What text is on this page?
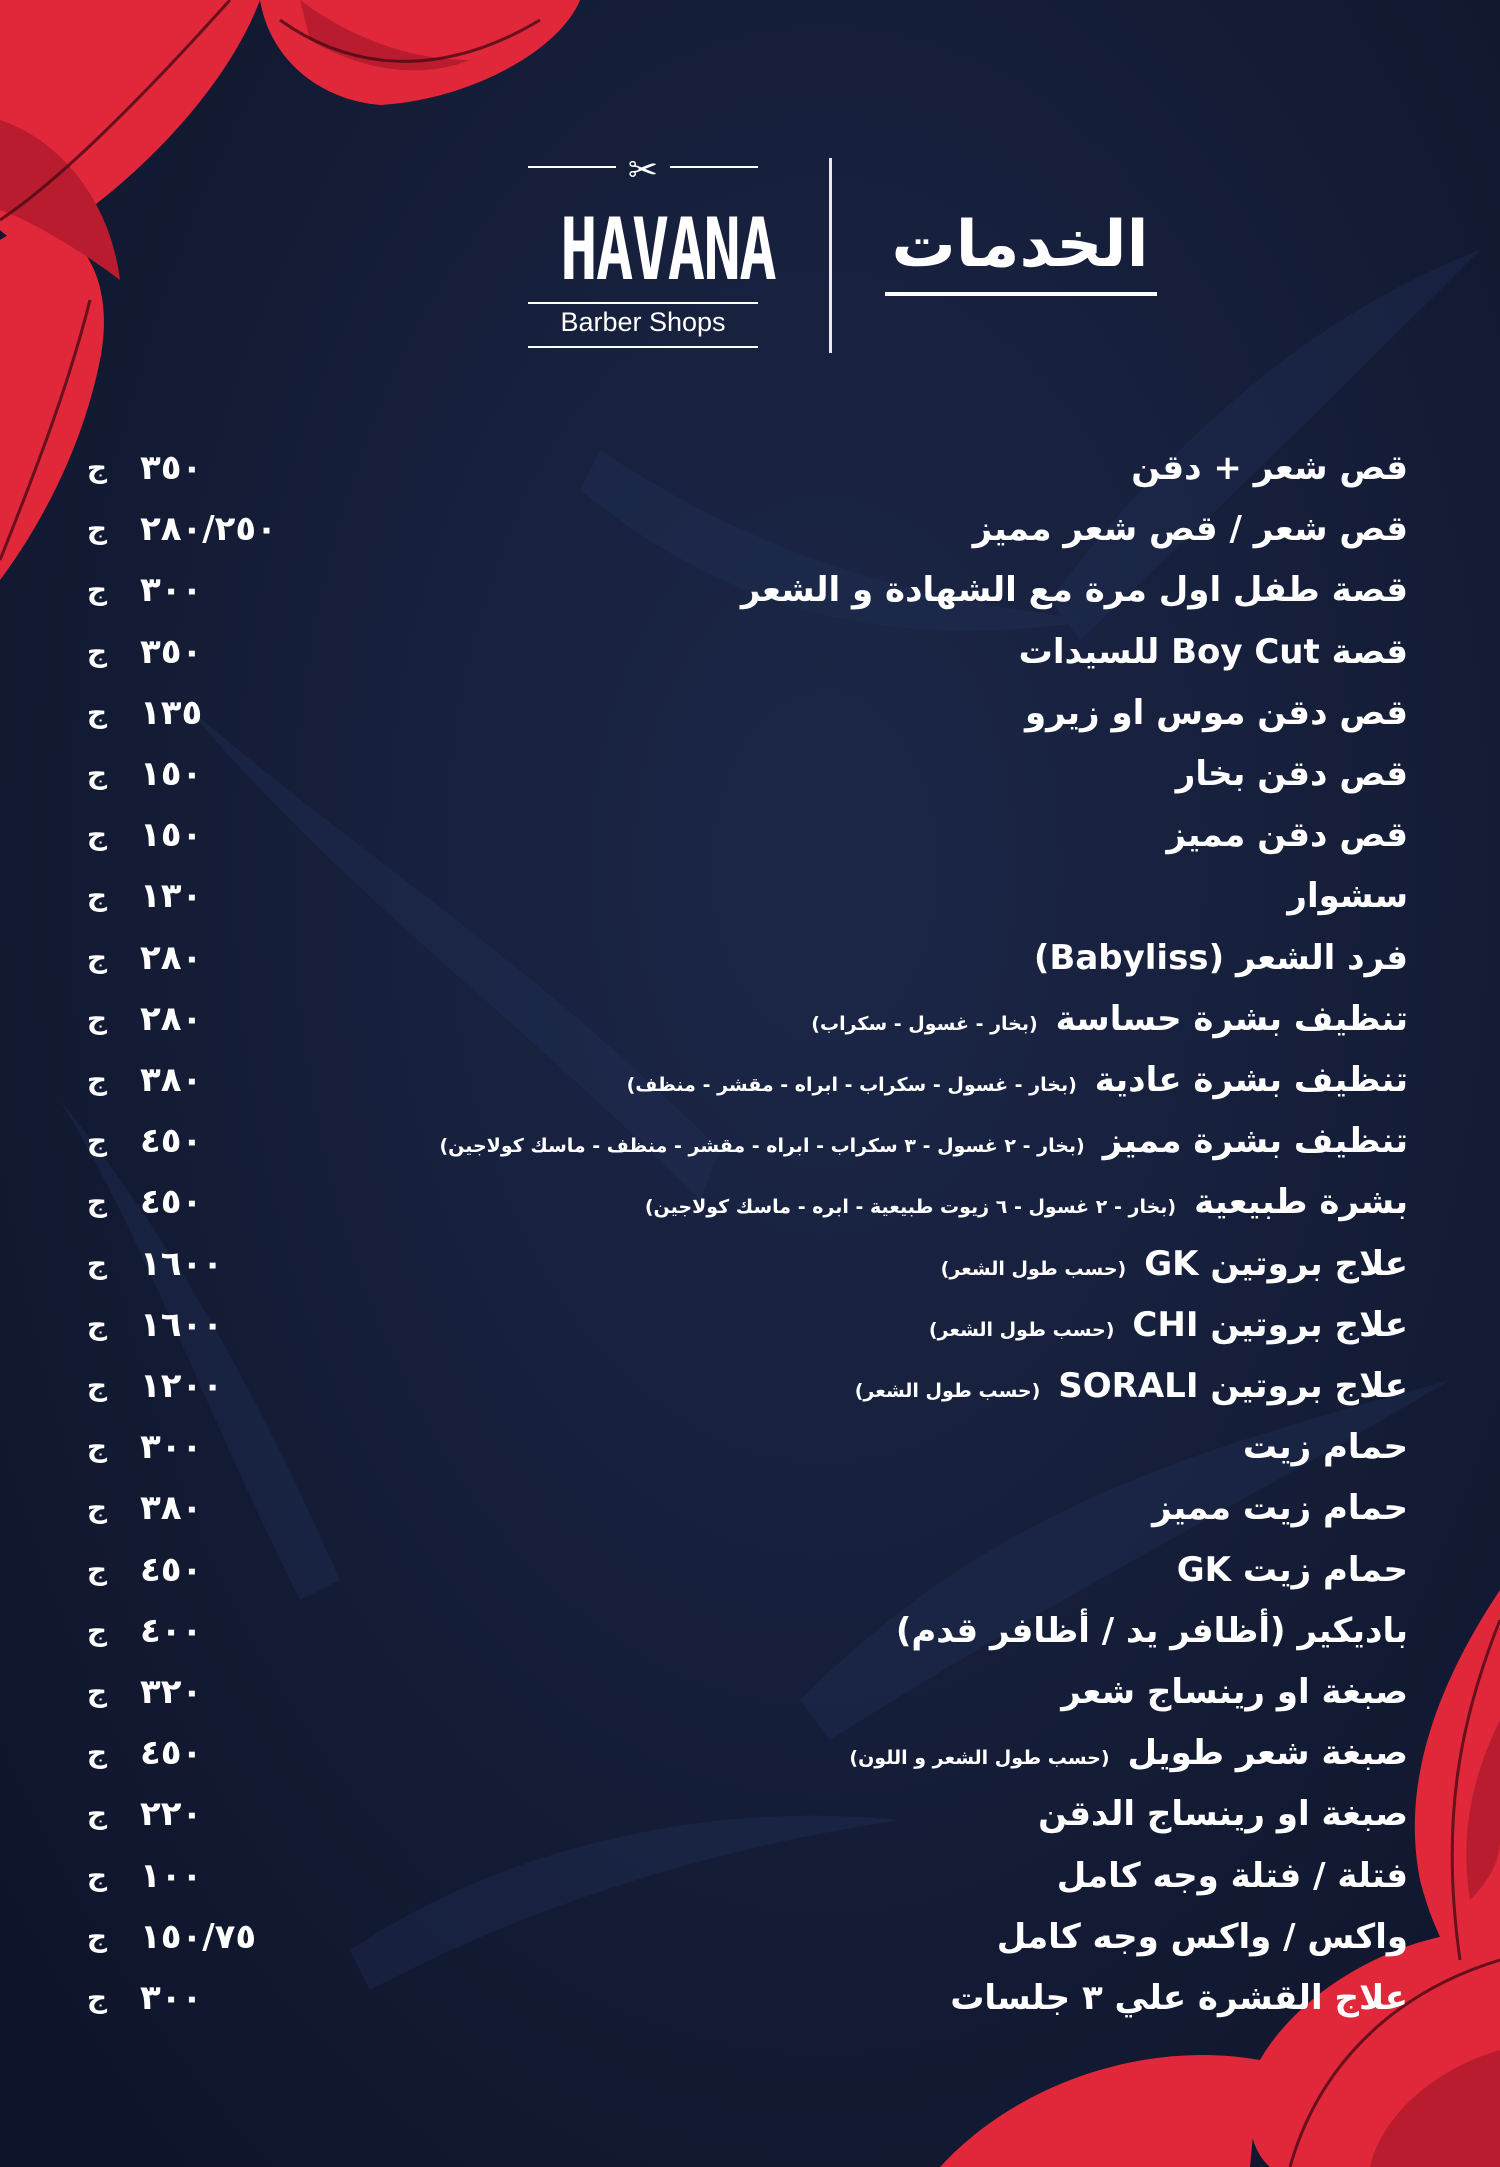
✂
HAVANA
Barber Shops
الخدمات
قص شعر + دقن
٣٥٠
ج
قص شعر / قص شعر مميز
٢٨٠/٢٥٠
ج
قصة طفل اول مرة مع الشهادة و الشعر
٣٠٠
ج
قصة Boy Cut للسيدات
٣٥٠
ج
قص دقن موس او زيرو
١٣٥
ج
قص دقن بخار
١٥٠
ج
قص دقن مميز
١٥٠
ج
سشوار
١٣٠
ج
فرد الشعر (Babyliss)
٢٨٠
ج
تنظيف بشرة حساسة(بخار - غسول - سكراب)
٢٨٠
ج
تنظيف بشرة عادية(بخار - غسول - سكراب - ابراه - مقشر - منظف)
٣٨٠
ج
تنظيف بشرة مميز(بخار - ٢ غسول - ٣ سكراب - ابراه - مقشر - منظف - ماسك كولاجين)
٤٥٠
ج
بشرة طبيعية(بخار - ٢ غسول - ٦ زيوت طبيعية - ابره - ماسك كولاجين)
٤٥٠
ج
علاج بروتين GK(حسب طول الشعر)
١٦٠٠
ج
علاج بروتين CHI(حسب طول الشعر)
١٦٠٠
ج
علاج بروتين SORALI(حسب طول الشعر)
١٢٠٠
ج
حمام زيت
٣٠٠
ج
حمام زيت مميز
٣٨٠
ج
حمام زيت GK
٤٥٠
ج
باديكير (أظافر يد / أظافر قدم)
٤٠٠
ج
صبغة او رينساج شعر
٣٢٠
ج
صبغة شعر طويل(حسب طول الشعر و اللون)
٤٥٠
ج
صبغة او رينساج الدقن
٢٢٠
ج
فتلة / فتلة وجه كامل
١٠٠
ج
واكس / واكس وجه كامل
١٥٠/٧٥
ج
علاج القشرة علي ٣ جلسات
٣٠٠
ج
